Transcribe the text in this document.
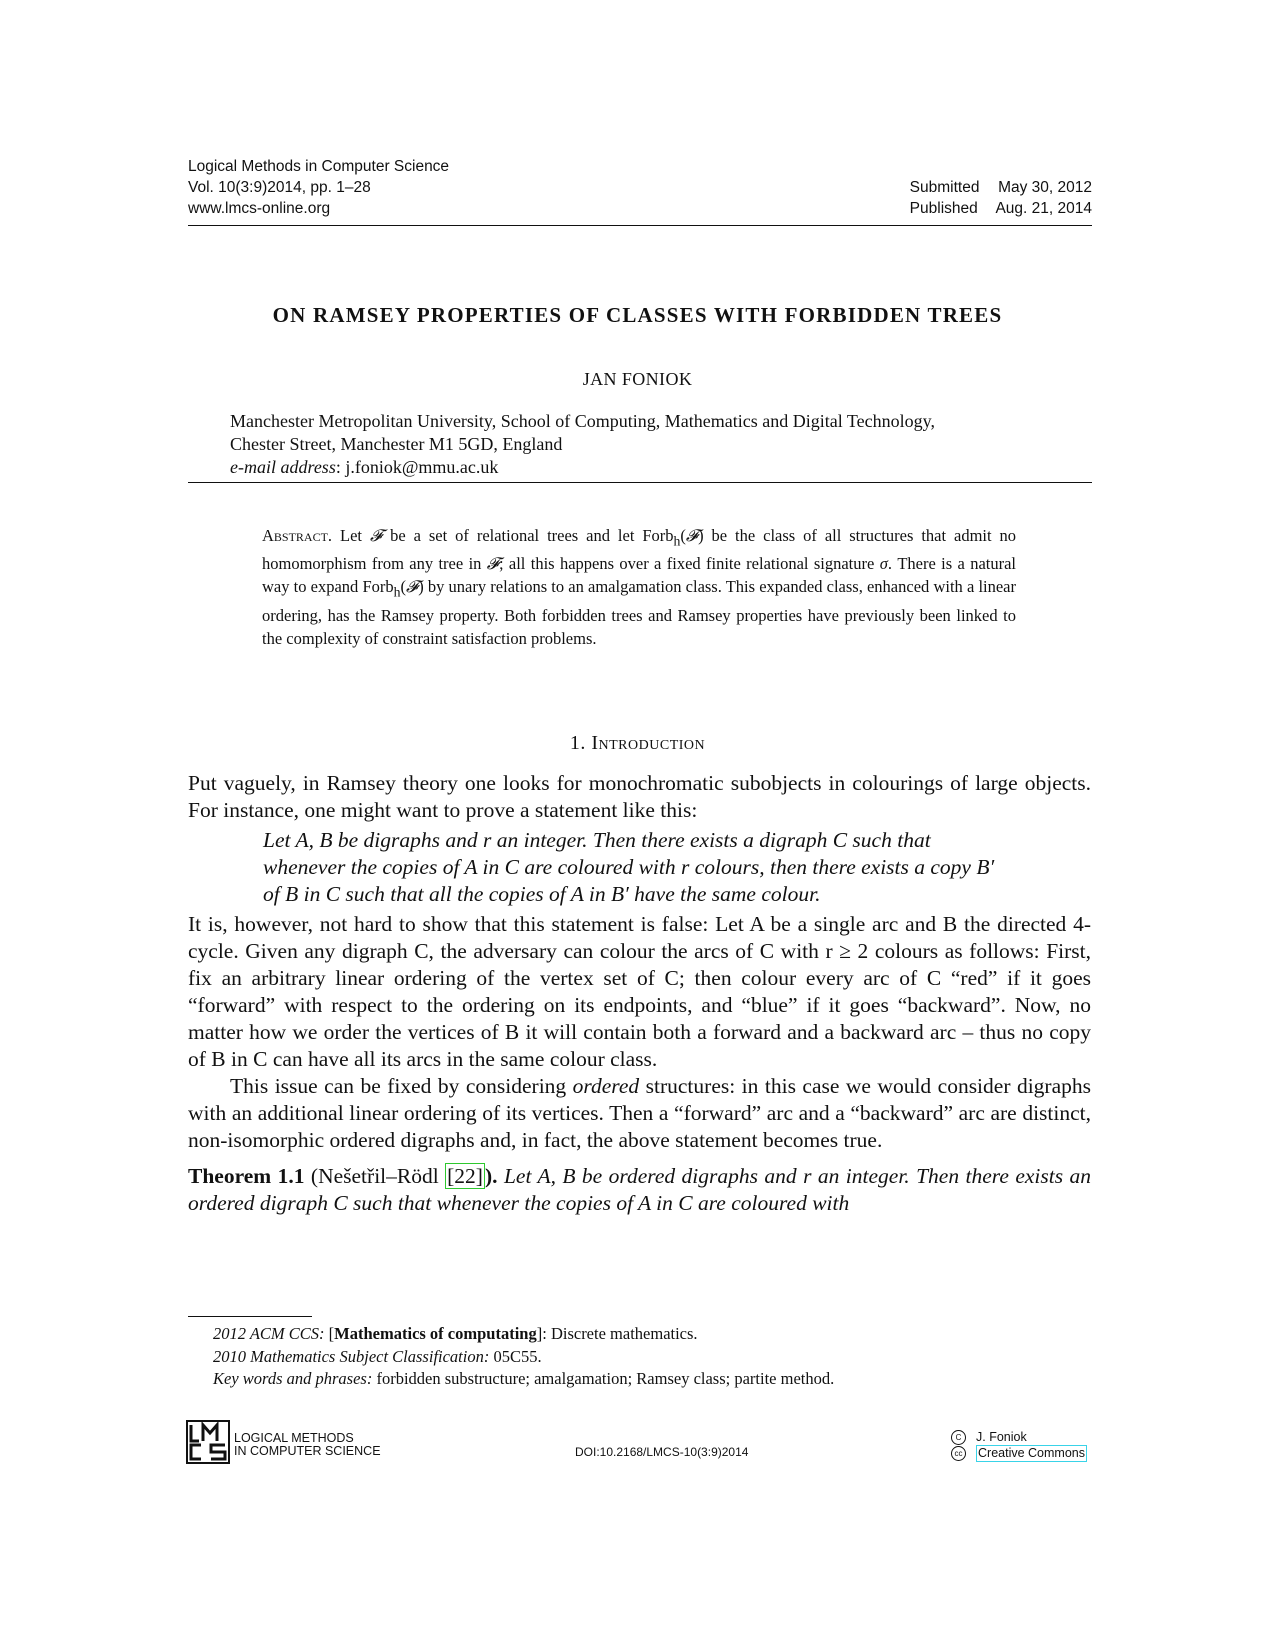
Logical Methods in Computer Science
Vol. 10(3:9)2014, pp. 1–28
www.lmcs-online.org
Submitted	May 30, 2012
Published	Aug. 21, 2014
ON RAMSEY PROPERTIES OF CLASSES WITH FORBIDDEN TREES
JAN FONIOK
Manchester Metropolitan University, School of Computing, Mathematics and Digital Technology,
Chester Street, Manchester M1 5GD, England
e-mail address: j.foniok@mmu.ac.uk
Abstract. Let 𝓕 be a set of relational trees and let Forb$_h$(𝓕) be the class of all structures that admit no homomorphism from any tree in 𝓕; all this happens over a fixed finite relational signature σ. There is a natural way to expand Forb$_h$(𝓕) by unary relations to an amalgamation class. This expanded class, enhanced with a linear ordering, has the Ramsey property. Both forbidden trees and Ramsey properties have previously been linked to the complexity of constraint satisfaction problems.
1. Introduction

Put vaguely, in Ramsey theory one looks for monochromatic subobjects in colourings of large objects. For instance, one might want to prove a statement like this:

Let A, B be digraphs and r an integer. Then there exists a digraph C such that whenever the copies of A in C are coloured with r colours, then there exists a copy B′ of B in C such that all the copies of A in B′ have the same colour.

It is, however, not hard to show that this statement is false: Let A be a single arc and B the directed 4-cycle. Given any digraph C, the adversary can colour the arcs of C with r ≥ 2 colours as follows: First, fix an arbitrary linear ordering of the vertex set of C; then colour every arc of C “red” if it goes “forward” with respect to the ordering on its endpoints, and “blue” if it goes “backward”. Now, no matter how we order the vertices of B it will contain both a forward and a backward arc – thus no copy of B in C can have all its arcs in the same colour class.

This issue can be fixed by considering ordered structures: in this case we would consider digraphs with an additional linear ordering of its vertices. Then a “forward” arc and a “backward” arc are distinct, non-isomorphic ordered digraphs and, in fact, the above statement becomes true.

Theorem 1.1 (Nešetřil–Rödl [22]). Let A, B be ordered digraphs and r an integer. Then there exists an ordered digraph C such that whenever the copies of A in C are coloured with

2012 ACM CCS: [Mathematics of computating]: Discrete mathematics.
2010 Mathematics Subject Classification: 05C55.
Key words and phrases: forbidden substructure; amalgamation; Ramsey class; partite method.
LOGICAL METHODS
IN COMPUTER SCIENCE	DOI:10.2168/LMCS-10(3:9)2014
C	J. Foniok
cc Creative Commons
